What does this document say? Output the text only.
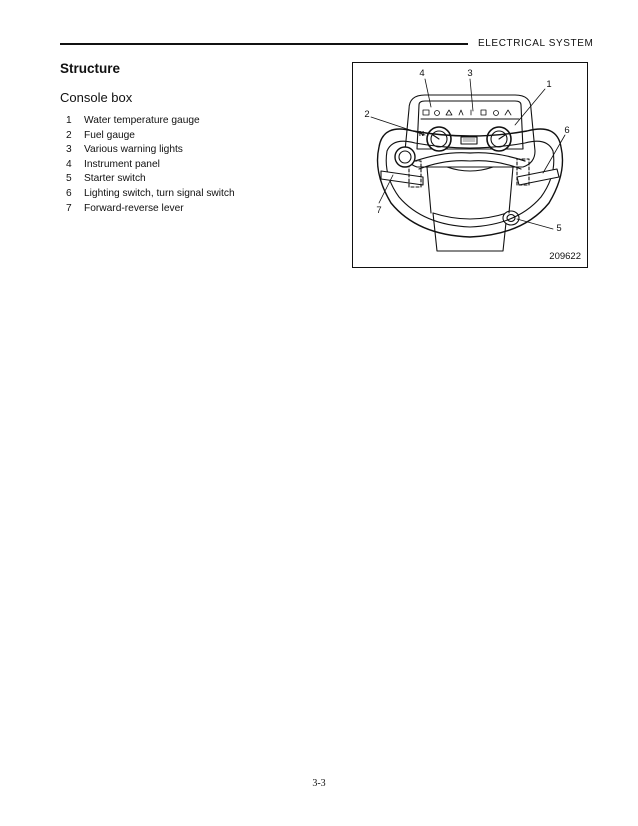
ELECTRICAL SYSTEM
Structure
Console box
1	Water temperature gauge
2	Fuel gauge
3	Various warning lights
4	Instrument panel
5	Starter switch
6	Lighting switch, turn signal switch
7	Forward-reverse lever
N
4	3
1
2
6
7
5
209622
3-3
